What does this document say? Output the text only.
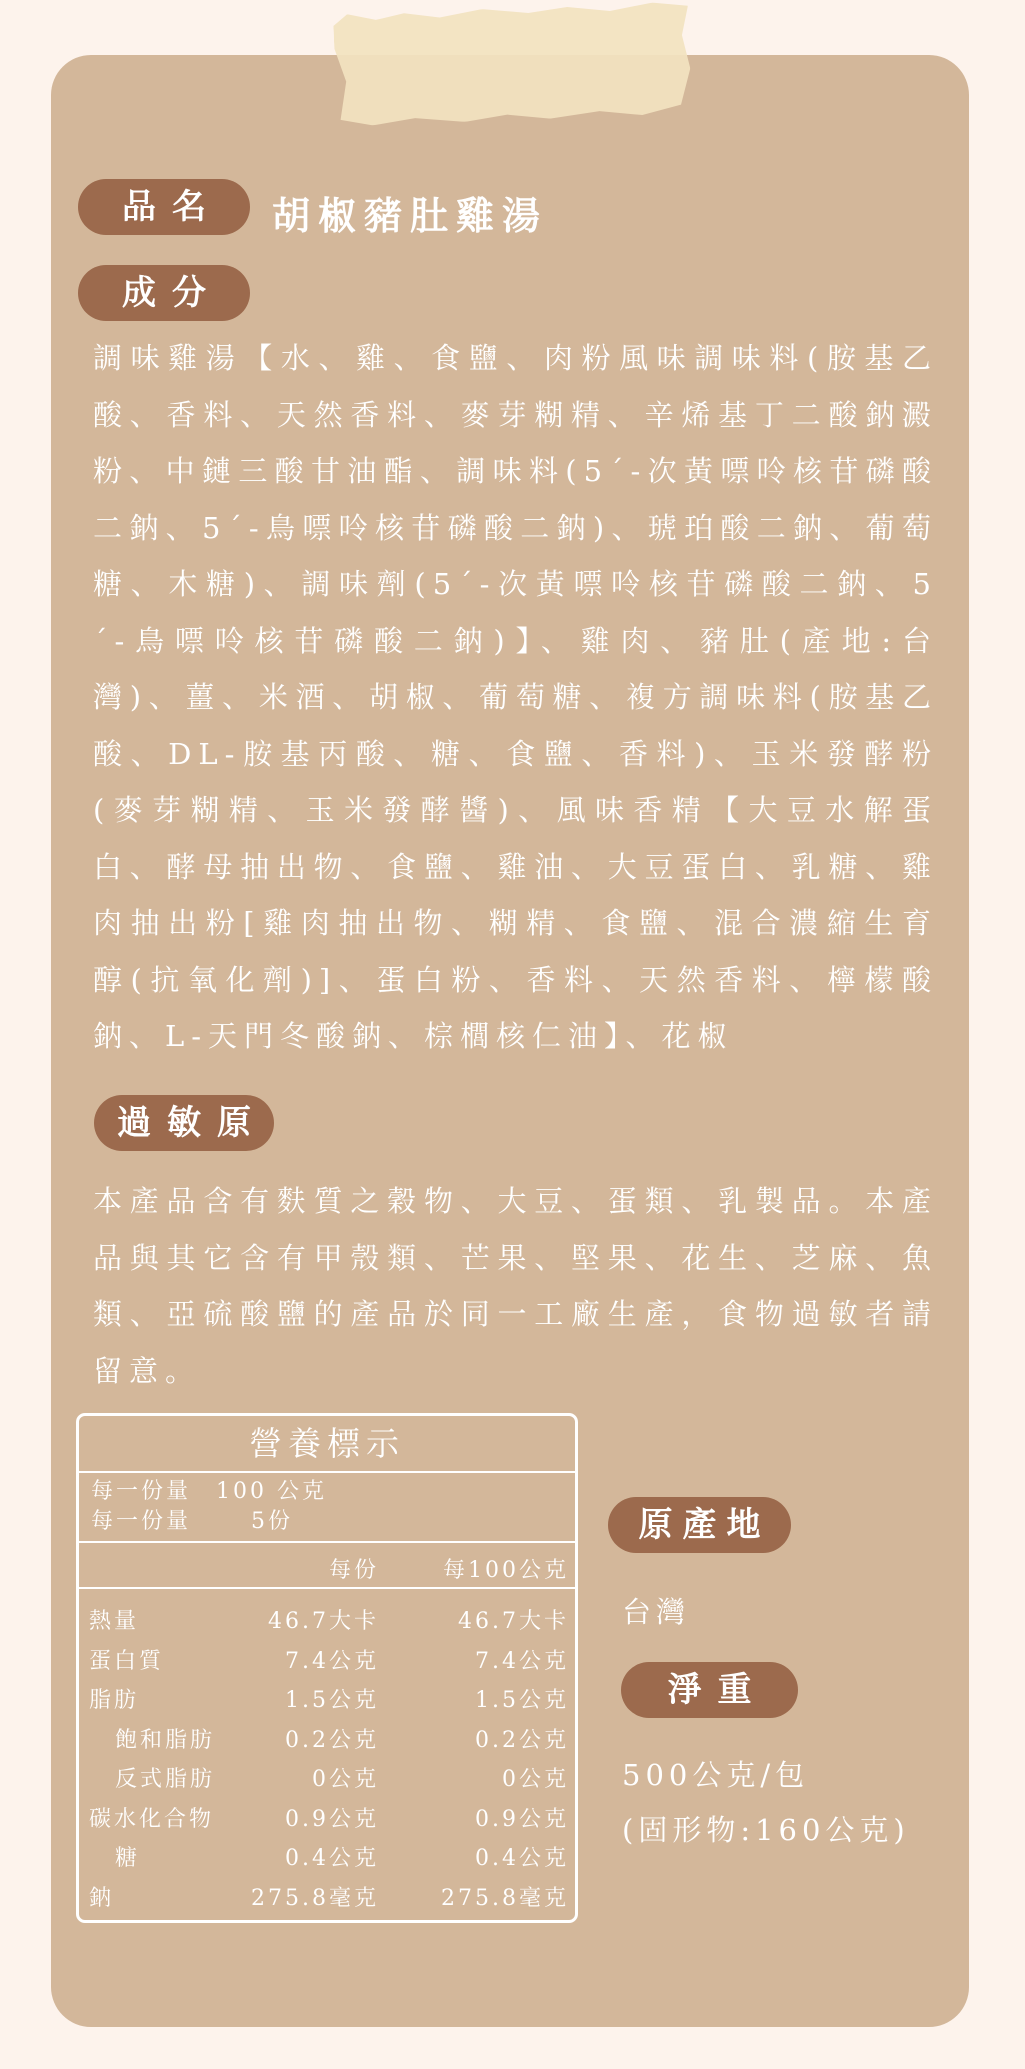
品名	胡椒豬肚雞湯
成分

調味雞湯【水、雞、食鹽、肉粉風味調味料(胺基乙酸、香料、天然香料、麥芽糊精、辛烯基丁二酸鈉澱粉、中鏈三酸甘油酯、調味料(5´-次黃嘌呤核苷磷酸二鈉、5´-鳥嘌呤核苷磷酸二鈉)、琥珀酸二鈉、葡萄糖、木糖)、調味劑(5´-次黃嘌呤核苷磷酸二鈉、5´-鳥嘌呤核苷磷酸二鈉)】、雞肉、豬肚(產地:台灣)、薑、米酒、胡椒、葡萄糖、複方調味料(胺基乙酸、DL-胺基丙酸、糖、食鹽、香料)、玉米發酵粉(麥芽糊精、玉米發酵醬)、風味香精【大豆水解蛋白、酵母抽出物、食鹽、雞油、大豆蛋白、乳糖、雞肉抽出粉[雞肉抽出物、糊精、食鹽、混合濃縮生育醇(抗氧化劑)]、蛋白粉、香料、天然香料、檸檬酸鈉、L-天門冬酸鈉、棕櫚核仁油】、花椒

過敏原

本產品含有麩質之穀物、大豆、蛋類、乳製品。本產品與其它含有甲殼類、芒果、堅果、花生、芝麻、魚類、亞硫酸鹽的產品於同一工廠生產，食物過敏者請留意。

營養標示
每一份量　100 公克
每一份量　　 5份
每份	每100公克
熱量	46.7大卡	46.7大卡
蛋白質	7.4公克	7.4公克
脂肪	1.5公克	1.5公克
飽和脂肪	0.2公克	0.2公克
反式脂肪	0公克	0公克
碳水化合物	0.9公克	0.9公克
糖	0.4公克	0.4公克
鈉	275.8毫克	275.8毫克
原產地
台灣
淨重
500公克/包
(固形物:160公克)
